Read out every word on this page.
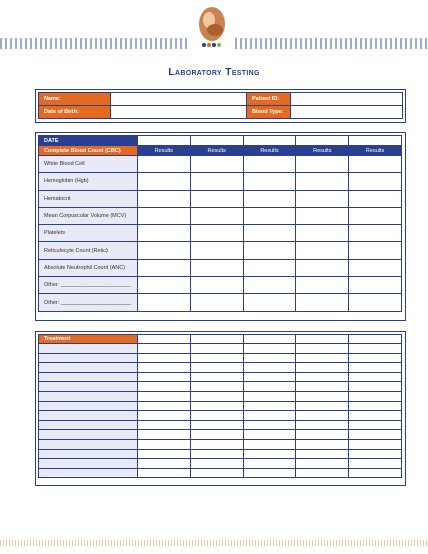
Laboratory Testing
Name:		Patient ID:	
Date of Birth:		Blood Type:	
DATE					
Complete Blood Count (CBC)	Results	Results	Results	Results	Results
White Blood Cell					
Hemoglobin (Hgb)					
Hematocrit					
Mean Corpuscular Volume (MCV)					
Platelets					
Reticulocyte Count (Retic)					
Absolute Neutrophil Count (ANC)					
Other: _______________________					
Other: _______________________					
Treatment					
